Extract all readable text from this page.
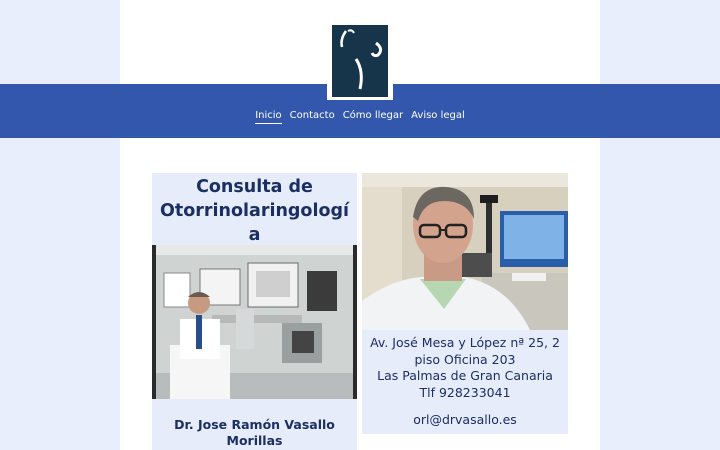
Inicio Contacto Cómo llegar Aviso legal
Consulta de
Otorrinolaringologí
a
Dr. Jose Ramón Vasallo
Morillas
Av. José Mesa y López nª 25, 2
piso Oficina 203
Las Palmas de Gran Canaria
Tlf 928233041
orl@drvasallo.es
